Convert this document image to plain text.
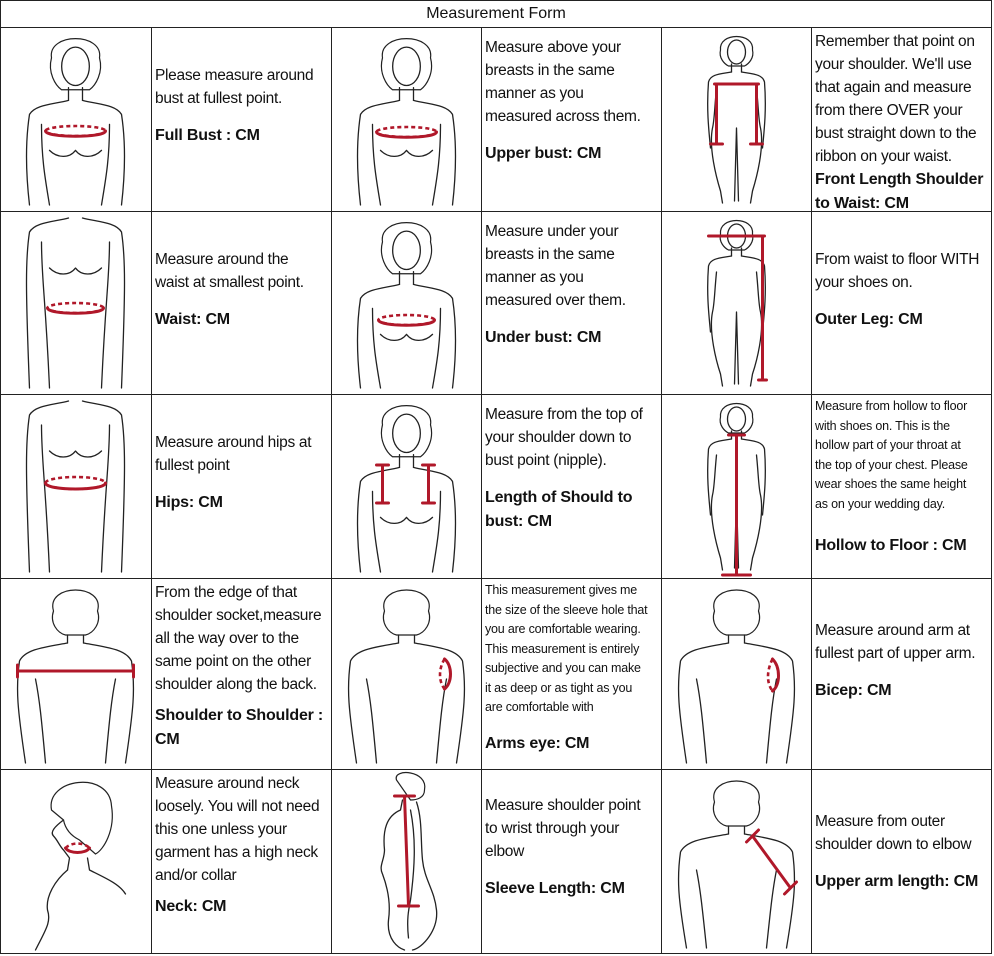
Measurement Form
Please measure around
bust at fullest point.
Full Bust : CM
Measure above your
breasts in the same
manner as you
measured across them.
Upper bust: CM
Remember that point on
your shoulder. We'll use
that again and measure
from there OVER your
bust straight down to the
ribbon on your waist.
Front Length Shoulder to Waist: CM
Measure around the
waist at smallest point.
Waist: CM
Measure under your
breasts in the same
manner as you
measured over them.
Under bust: CM
From waist to floor WITH
your shoes on.
Outer Leg: CM
Measure around hips at
fullest point
Hips: CM
Measure from the top of
your shoulder down to
bust point (nipple).
Length of Should to bust: CM
Measure from hollow to floor
with shoes on. This is the
hollow part of your throat at
the top of your chest. Please
wear shoes the same height
as on your wedding day.
Hollow to Floor : CM
From the edge of that
shoulder socket,measure
all the way over to the
same point on the other
shoulder along the back.
Shoulder to Shoulder : CM
This measurement gives me
the size of the sleeve hole that
you are comfortable wearing.
This measurement is entirely
subjective and you can make
it as deep or as tight as you
are comfortable with
Arms eye: CM
Measure around arm at
fullest part of upper arm.
Bicep: CM
Measure around neck
loosely. You will not need
this one unless your
garment has a high neck
and/or collar
Neck: CM
Measure shoulder point
to wrist through your
elbow
Sleeve Length: CM
Measure from outer
shoulder down to elbow
Upper arm length: CM
